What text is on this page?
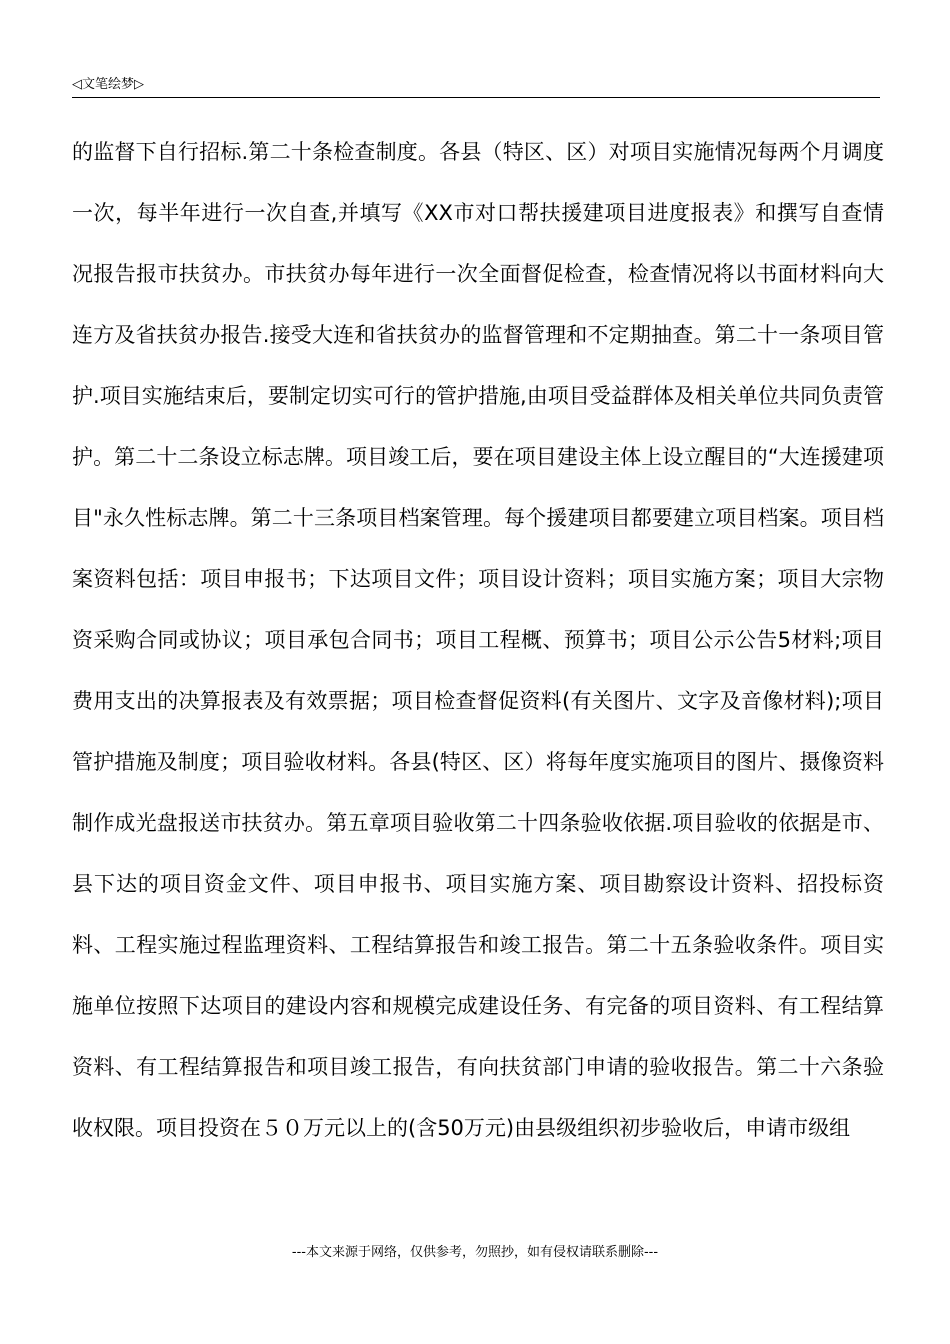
◁文笔绘梦▷

的监督下自行招标.第二十条检查制度。各县（特区、区）对项目实施情况每两个月调度一次，每半年进行一次自查,并填写《XX市对口帮扶援建项目进度报表》和撰写自查情况报告报市扶贫办。市扶贫办每年进行一次全面督促检查，检查情况将以书面材料向大连方及省扶贫办报告.接受大连和省扶贫办的监督管理和不定期抽查。第二十一条项目管护.项目实施结束后，要制定切实可行的管护措施,由项目受益群体及相关单位共同负责管护。第二十二条设立标志牌。项目竣工后，要在项目建设主体上设立醒目的“大连援建项目"永久性标志牌。第二十三条项目档案管理。每个援建项目都要建立项目档案。项目档案资料包括：项目申报书；下达项目文件；项目设计资料；项目实施方案；项目大宗物资采购合同或协议；项目承包合同书；项目工程概、预算书；项目公示公告5材料;项目费用支出的决算报表及有效票据；项目检查督促资料(有关图片、文字及音像材料);项目管护措施及制度；项目验收材料。各县(特区、区）将每年度实施项目的图片、摄像资料制作成光盘报送市扶贫办。第五章项目验收第二十四条验收依据.项目验收的依据是市、县下达的项目资金文件、项目申报书、项目实施方案、项目勘察设计资料、招投标资料、工程实施过程监理资料、工程结算报告和竣工报告。第二十五条验收条件。项目实施单位按照下达项目的建设内容和规模完成建设任务、有完备的项目资料、有工程结算资料、有工程结算报告和项目竣工报告，有向扶贫部门申请的验收报告。第二十六条验收权限。项目投资在５０万元以上的(含50万元)由县级组织初步验收后，申请市级组

---本文来源于网络，仅供参考，勿照抄，如有侵权请联系删除---
